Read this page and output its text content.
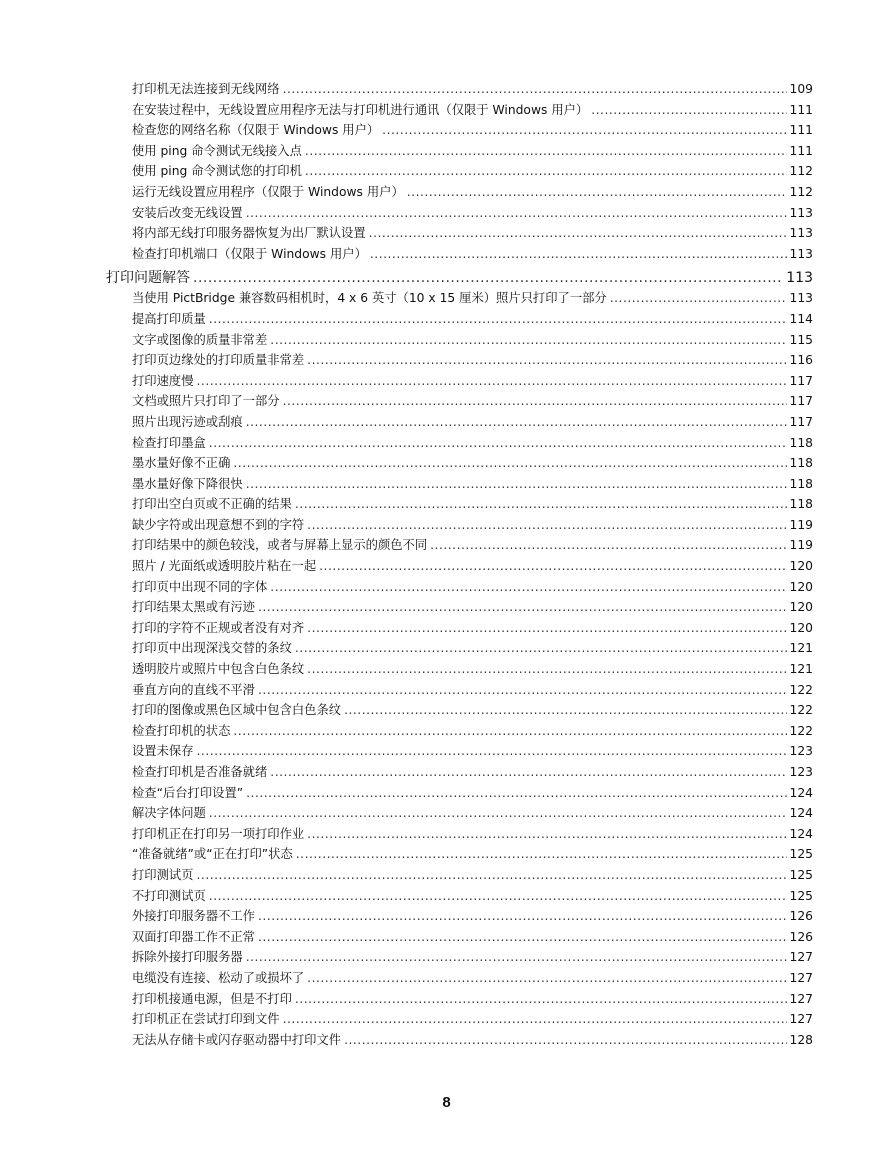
打印机无法连接到无线网络 .....	109
在安装过程中，无线设置应用程序无法与打印机进行通讯（仅限于 Windows 用户） .....	111
检查您的网络名称（仅限于 Windows 用户） .....	111
使用 ping 命令测试无线接入点 .....	111
使用 ping 命令测试您的打印机 .....	112
运行无线设置应用程序（仅限于 Windows 用户） .....	112
安装后改变无线设置 .....	113
将内部无线打印服务器恢复为出厂默认设置 .....	113
检查打印机端口（仅限于 Windows 用户） .....	113
打印问题解答 .....	113
当使用 PictBridge 兼容数码相机时，4 x 6 英寸（10 x 15 厘米）照片只打印了一部分 .....	113
提高打印质量 .....	114
文字或图像的质量非常差 .....	115
打印页边缘处的打印质量非常差 .....	116
打印速度慢 .....	117
文档或照片只打印了一部分 .....	117
照片出现污迹或刮痕 .....	117
检查打印墨盒 .....	118
墨水量好像不正确 .....	118
墨水量好像下降很快 .....	118
打印出空白页或不正确的结果 .....	118
缺少字符或出现意想不到的字符 .....	119
打印结果中的颜色较浅，或者与屏幕上显示的颜色不同 .....	119
照片 / 光面纸或透明胶片粘在一起 .....	120
打印页中出现不同的字体 .....	120
打印结果太黑或有污迹 .....	120
打印的字符不正规或者没有对齐 .....	120
打印页中出现深浅交替的条纹 .....	121
透明胶片或照片中包含白色条纹 .....	121
垂直方向的直线不平滑 .....	122
打印的图像或黑色区域中包含白色条纹 .....	122
检查打印机的状态 .....	122
设置未保存 .....	123
检查打印机是否准备就绪 .....	123
检查“后台打印设置” .....	124
解决字体问题 .....	124
打印机正在打印另一项打印作业 .....	124
“准备就绪”或“正在打印”状态 .....	125
打印测试页 .....	125
不打印测试页 .....	125
外接打印服务器不工作 .....	126
双面打印器工作不正常 .....	126
拆除外接打印服务器 .....	127
电缆没有连接、松动了或损坏了 .....	127
打印机接通电源，但是不打印 .....	127
打印机正在尝试打印到文件 .....	127
无法从存储卡或闪存驱动器中打印文件 .....	128
8
